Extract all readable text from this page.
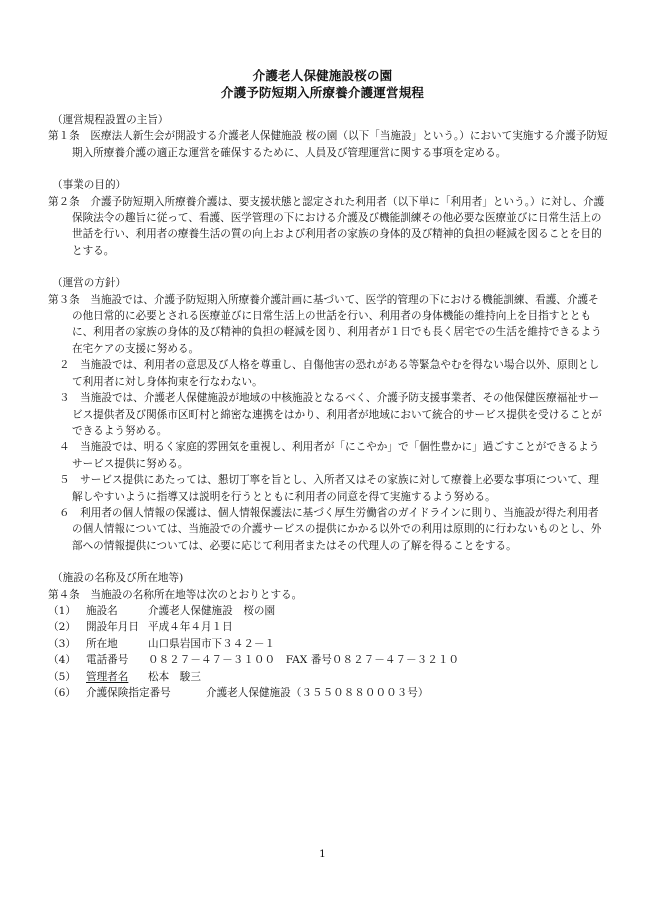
介護老人保健施設桜の園
介護予防短期入所療養介護運営規程
（運営規程設置の主旨）
第１条　医療法人新生会が開設する介護老人保健施設 桜の園（以下「当施設」という。）において実施する介護予防短期入所療養介護の適正な運営を確保するために、人員及び管理運営に関する事項を定める。
（事業の目的）
第２条　介護予防短期入所療養介護は、要支援状態と認定された利用者（以下単に「利用者」という。）に対し、介護保険法令の趣旨に従って、看護、医学管理の下における介護及び機能訓練その他必要な医療並びに日常生活上の世話を行い、利用者の療養生活の質の向上および利用者の家族の身体的及び精神的負担の軽減を図ることを目的とする。
（運営の方針）
第３条　当施設では、介護予防短期入所療養介護計画に基づいて、医学的管理の下における機能訓練、看護、介護その他日常的に必要とされる医療並びに日常生活上の世話を行い、利用者の身体機能の維持向上を目指すとともに、利用者の家族の身体的及び精神的負担の軽減を図り、利用者が１日でも長く居宅での生活を維持できるよう在宅ケアの支援に努める。
２　当施設では、利用者の意思及び人格を尊重し、自傷他害の恐れがある等緊急やむを得ない場合以外、原則として利用者に対し身体拘束を行なわない。
３　当施設では、介護老人保健施設が地域の中核施設となるべく、介護予防支援事業者、その他保健医療福祉サービス提供者及び関係市区町村と綿密な連携をはかり、利用者が地域において統合的サービス提供を受けることができるよう努める。
４　当施設では、明るく家庭的雰囲気を重視し、利用者が「にこやか」で「個性豊かに」過ごすことができるようサービス提供に努める。
５　サービス提供にあたっては、懇切丁寧を旨とし、入所者又はその家族に対して療養上必要な事項について、理解しやすいように指導又は説明を行うとともに利用者の同意を得て実施するよう努める。
６　利用者の個人情報の保護は、個人情報保護法に基づく厚生労働省のガイドラインに則り、当施設が得た利用者の個人情報については、当施設での介護サービスの提供にかかる以外での利用は原則的に行わないものとし、外部への情報提供については、必要に応じて利用者またはその代理人の了解を得ることをする。
（施設の名称及び所在地等)
第４条　当施設の名称所在地等は次のとおりとする。
（1） 施設名	介護老人保健施設　桜の園
（2） 開設年月日 平成４年４月１日
（3） 所在地	山口県岩国市下３４２－１
（4） 電話番号	０８２７－４７－３１００　FAX 番号０８２７－４７－３２１０
（5） 管理者名	松本　駿三
（6） 介護保険指定番号	介護老人保健施設（３５５０８８０００３号）
1
